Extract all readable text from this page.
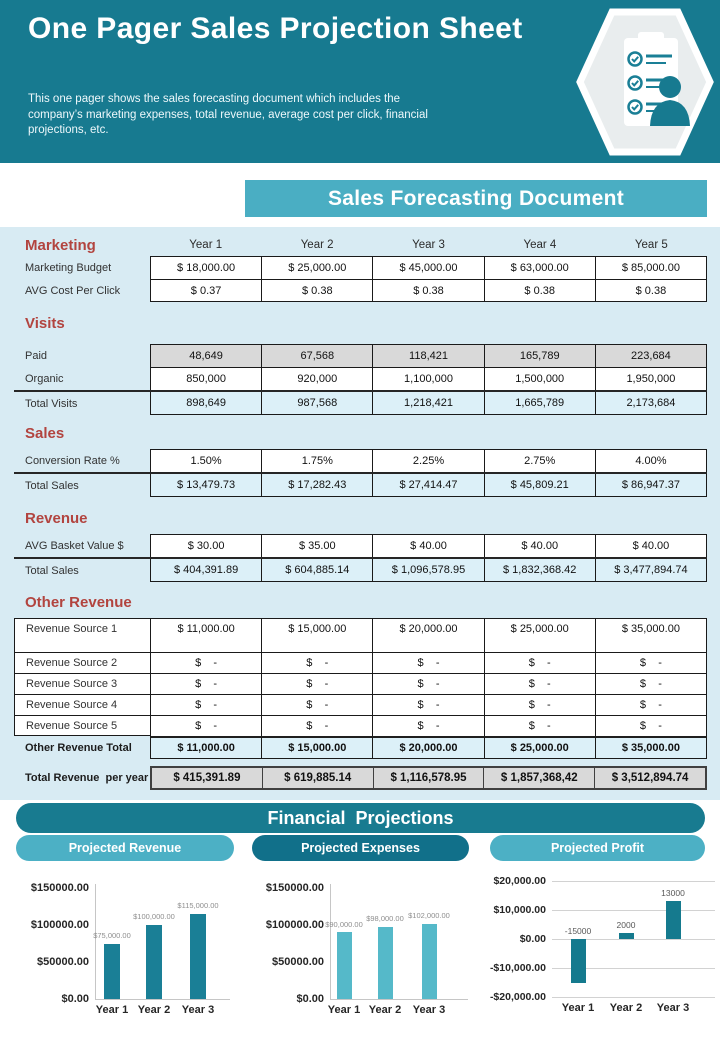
One Pager Sales Projection Sheet
This one pager shows the sales forecasting document which includes the company’s marketing expenses, total revenue, average cost per click, financial projections, etc.
Sales Forecasting Document
Marketing	Year 1	Year 2	Year 3	Year 4	Year 5
Marketing Budget	$ 18,000.00	$ 25,000.00	$ 45,000.00	$ 63,000.00	$ 85,000.00
AVG Cost Per Click	$ 0.37	$ 0.38	$ 0.38	$ 0.38	$ 0.38
Visits
Paid	48,649	67,568	118,421	165,789	223,684
Organic	850,000	920,000	1,100,000	1,500,000	1,950,000
Total Visits	898,649	987,568	1,218,421	1,665,789	2,173,684
Sales
Conversion Rate %	1.50%	1.75%	2.25%	2.75%	4.00%
Total Sales	$ 13,479.73	$ 17,282.43	$ 27,414.47	$ 45,809.21	$ 86,947.37
Revenue
AVG Basket Value $	$ 30.00	$ 35.00	$ 40.00	$ 40.00	$ 40.00
Total Sales	$ 404,391.89	$ 604,885.14	$ 1,096,578.95	$ 1,832,368.42	$ 3,477,894.74
Other Revenue
Revenue Source 1	$ 11,000.00	$ 15,000.00	$ 20,000.00	$ 25,000.00	$ 35,000.00
Revenue Source 2	$    -	$    -	$    -	$    -	$    -
Revenue Source 3	$    -	$    -	$    -	$    -	$    -
Revenue Source 4	$    -	$    -	$    -	$    -	$    -
Revenue Source 5	$    -	$    -	$    -	$    -	$    -
Other Revenue Total	$ 11,000.00	$ 15,000.00	$ 20,000.00	$ 25,000.00	$ 35,000.00
Total Revenue  per year	$ 415,391.89	$ 619,885.14	$ 1,116,578.95	$ 1,857,368,42	$ 3,512,894.74
Financial  Projections
Projected Revenue	Projected Expenses	Projected Profit
$150000.00
$100000.00
$50000.00
$0.00
$75,000.00
Year 1
$100,000.00
Year 2
$115,000.00
Year 3
$150000.00
$100000.00
$50000.00
$0.00
$90,000.00
Year 1
$98,000.00
Year 2
$102,000.00
Year 3
$20,000.00
$10,000.00
$0.00
-$10,000.00
-$20,000.00
-15000
Year 1
2000
Year 2
13000
Year 3
